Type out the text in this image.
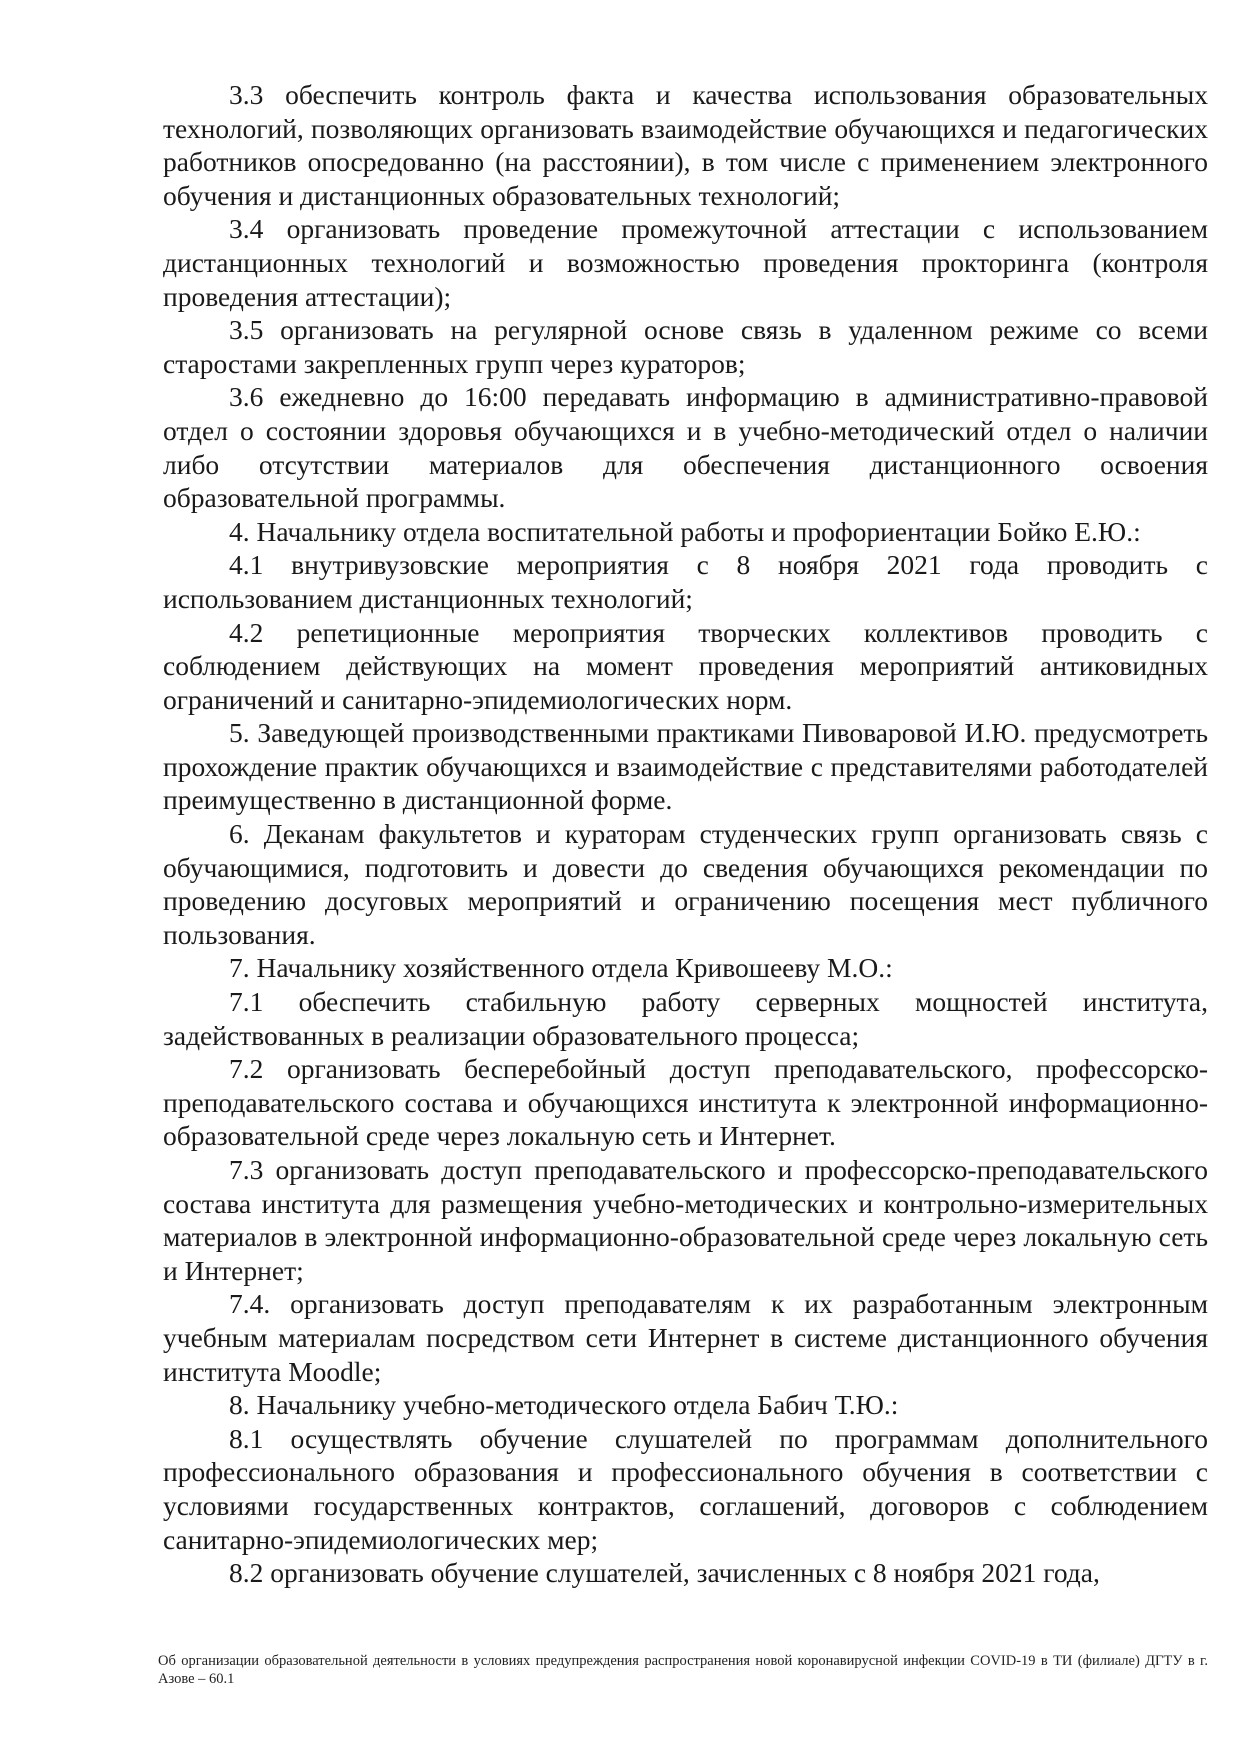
3.3 обеспечить контроль факта и качества использования образовательных технологий, позволяющих организовать взаимодействие обучающихся и педагогических работников опосредованно (на расстоянии), в том числе с применением электронного обучения и дистанционных образовательных технологий;

3.4 организовать проведение промежуточной аттестации с использованием дистанционных технологий и возможностью проведения прокторинга (контроля проведения аттестации);

3.5 организовать на регулярной основе связь в удаленном режиме со всеми старостами закрепленных групп через кураторов;

3.6 ежедневно до 16:00 передавать информацию в административно-правовой отдел о состоянии здоровья обучающихся и в учебно-методический отдел о наличии либо отсутствии материалов для обеспечения дистанционного освоения образовательной программы.

4. Начальнику отдела воспитательной работы и профориентации Бойко Е.Ю.:

4.1 внутривузовские мероприятия с 8 ноября 2021 года проводить с использованием дистанционных технологий;

4.2 репетиционные мероприятия творческих коллективов проводить с соблюдением действующих на момент проведения мероприятий антиковидных ограничений и санитарно-эпидемиологических норм.

5. Заведующей производственными практиками Пивоваровой И.Ю. предусмотреть прохождение практик обучающихся и взаимодействие с представителями работодателей преимущественно в дистанционной форме.

6. Деканам факультетов и кураторам студенческих групп организовать связь с обучающимися, подготовить и довести до сведения обучающихся рекомендации по проведению досуговых мероприятий и ограничению посещения мест публичного пользования.

7. Начальнику хозяйственного отдела Кривошееву М.О.:

7.1 обеспечить стабильную работу серверных мощностей института, задействованных в реализации образовательного процесса;

7.2 организовать бесперебойный доступ преподавательского, профессорско-преподавательского состава и обучающихся института к электронной информационно-образовательной среде через локальную сеть и Интернет.

7.3 организовать доступ преподавательского и профессорско-преподавательского состава института для размещения учебно-методических и контрольно-измерительных материалов в электронной информационно-образовательной среде через локальную сеть и Интернет;

7.4. организовать доступ преподавателям к их разработанным электронным учебным материалам посредством сети Интернет в системе дистанционного обучения института Moodle;

8. Начальнику учебно-методического отдела Бабич Т.Ю.:

8.1 осуществлять обучение слушателей по программам дополнительного профессионального образования и профессионального обучения в соответствии с условиями государственных контрактов, соглашений, договоров с соблюдением санитарно-эпидемиологических мер;

8.2 организовать обучение слушателей, зачисленных с 8 ноября 2021 года,

Об организации образовательной деятельности в условиях предупреждения распространения новой коронавирусной инфекции COVID-19 в ТИ (филиале) ДГТУ в г. Азове – 60.1
